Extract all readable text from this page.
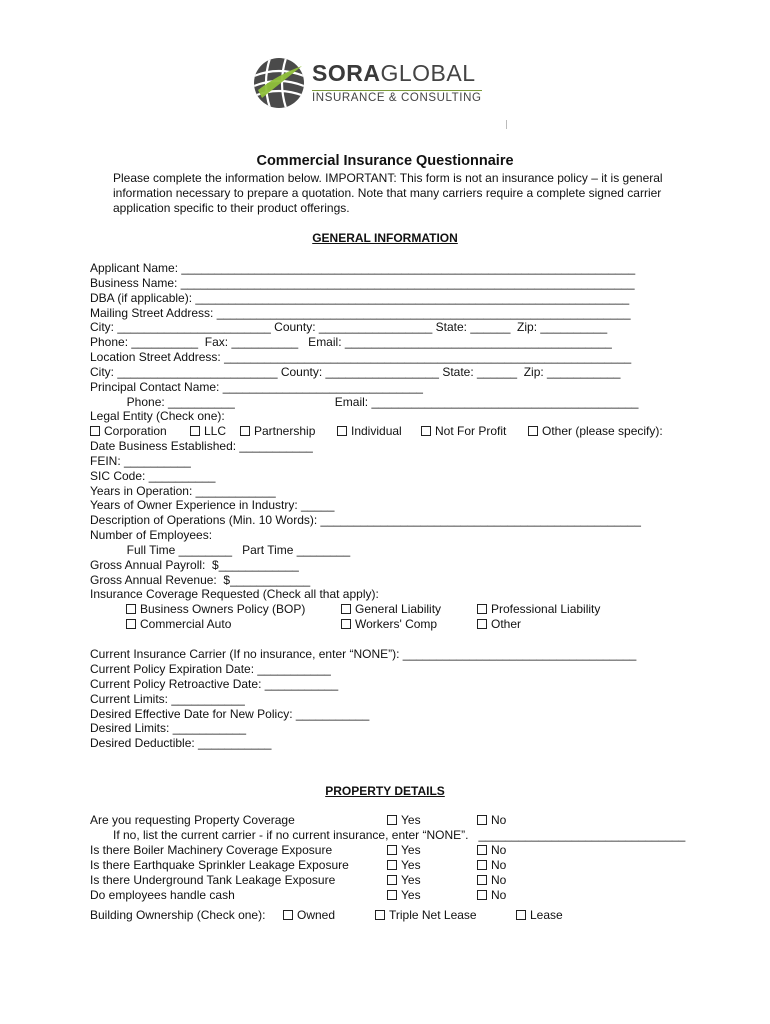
SORAGLOBAL
INSURANCE & CONSULTING
Commercial Insurance Questionnaire
Please complete the information below. IMPORTANT: This form is not an insurance policy – it is general information necessary to prepare a quotation. Note that many carriers require a complete signed carrier application specific to their product offerings.
GENERAL INFORMATION
Applicant Name: ____________________________________________________________________
Business Name: ____________________________________________________________________
DBA (if applicable): _________________________________________________________________
Mailing Street Address: ______________________________________________________________
City: _______________________ County: _________________ State: ______  Zip: __________
Phone: __________  Fax: __________   Email: ________________________________________
Location Street Address: _____________________________________________________________
City: ________________________ County: _________________ State: ______  Zip: ___________
Principal Contact Name: ______________________________
Phone: __________                              Email: ________________________________________
Legal Entity (Check one):
Corporation	LLC	Partnership	Individual	Not For Profit	Other (please specify):
Date Business Established: ___________
FEIN: __________
SIC Code: __________
Years in Operation: ____________
Years of Owner Experience in Industry: _____
Description of Operations (Min. 10 Words): ________________________________________________
Number of Employees:
Full Time ________   Part Time ________
Gross Annual Payroll:  $____________
Gross Annual Revenue:  $____________
Insurance Coverage Requested (Check all that apply):
Business Owners Policy (BOP)	General Liability	Professional Liability
Commercial Auto	Workers' Comp	Other
Current Insurance Carrier (If no insurance, enter “NONE”): ___________________________________
Current Policy Expiration Date: ___________
Current Policy Retroactive Date: ___________
Current Limits: ___________
Desired Effective Date for New Policy: ___________
Desired Limits: ___________
Desired Deductible: ___________
PROPERTY DETAILS
Are you requesting Property Coverage	Yes	No
If no, list the current carrier - if no current insurance, enter “NONE”.   _______________________________
Is there Boiler Machinery Coverage Exposure	Yes	No
Is there Earthquake Sprinkler Leakage Exposure	Yes	No
Is there Underground Tank Leakage Exposure	Yes	No
Do employees handle cash	Yes	No
Building Ownership (Check one):	Owned	Triple Net Lease	Lease
